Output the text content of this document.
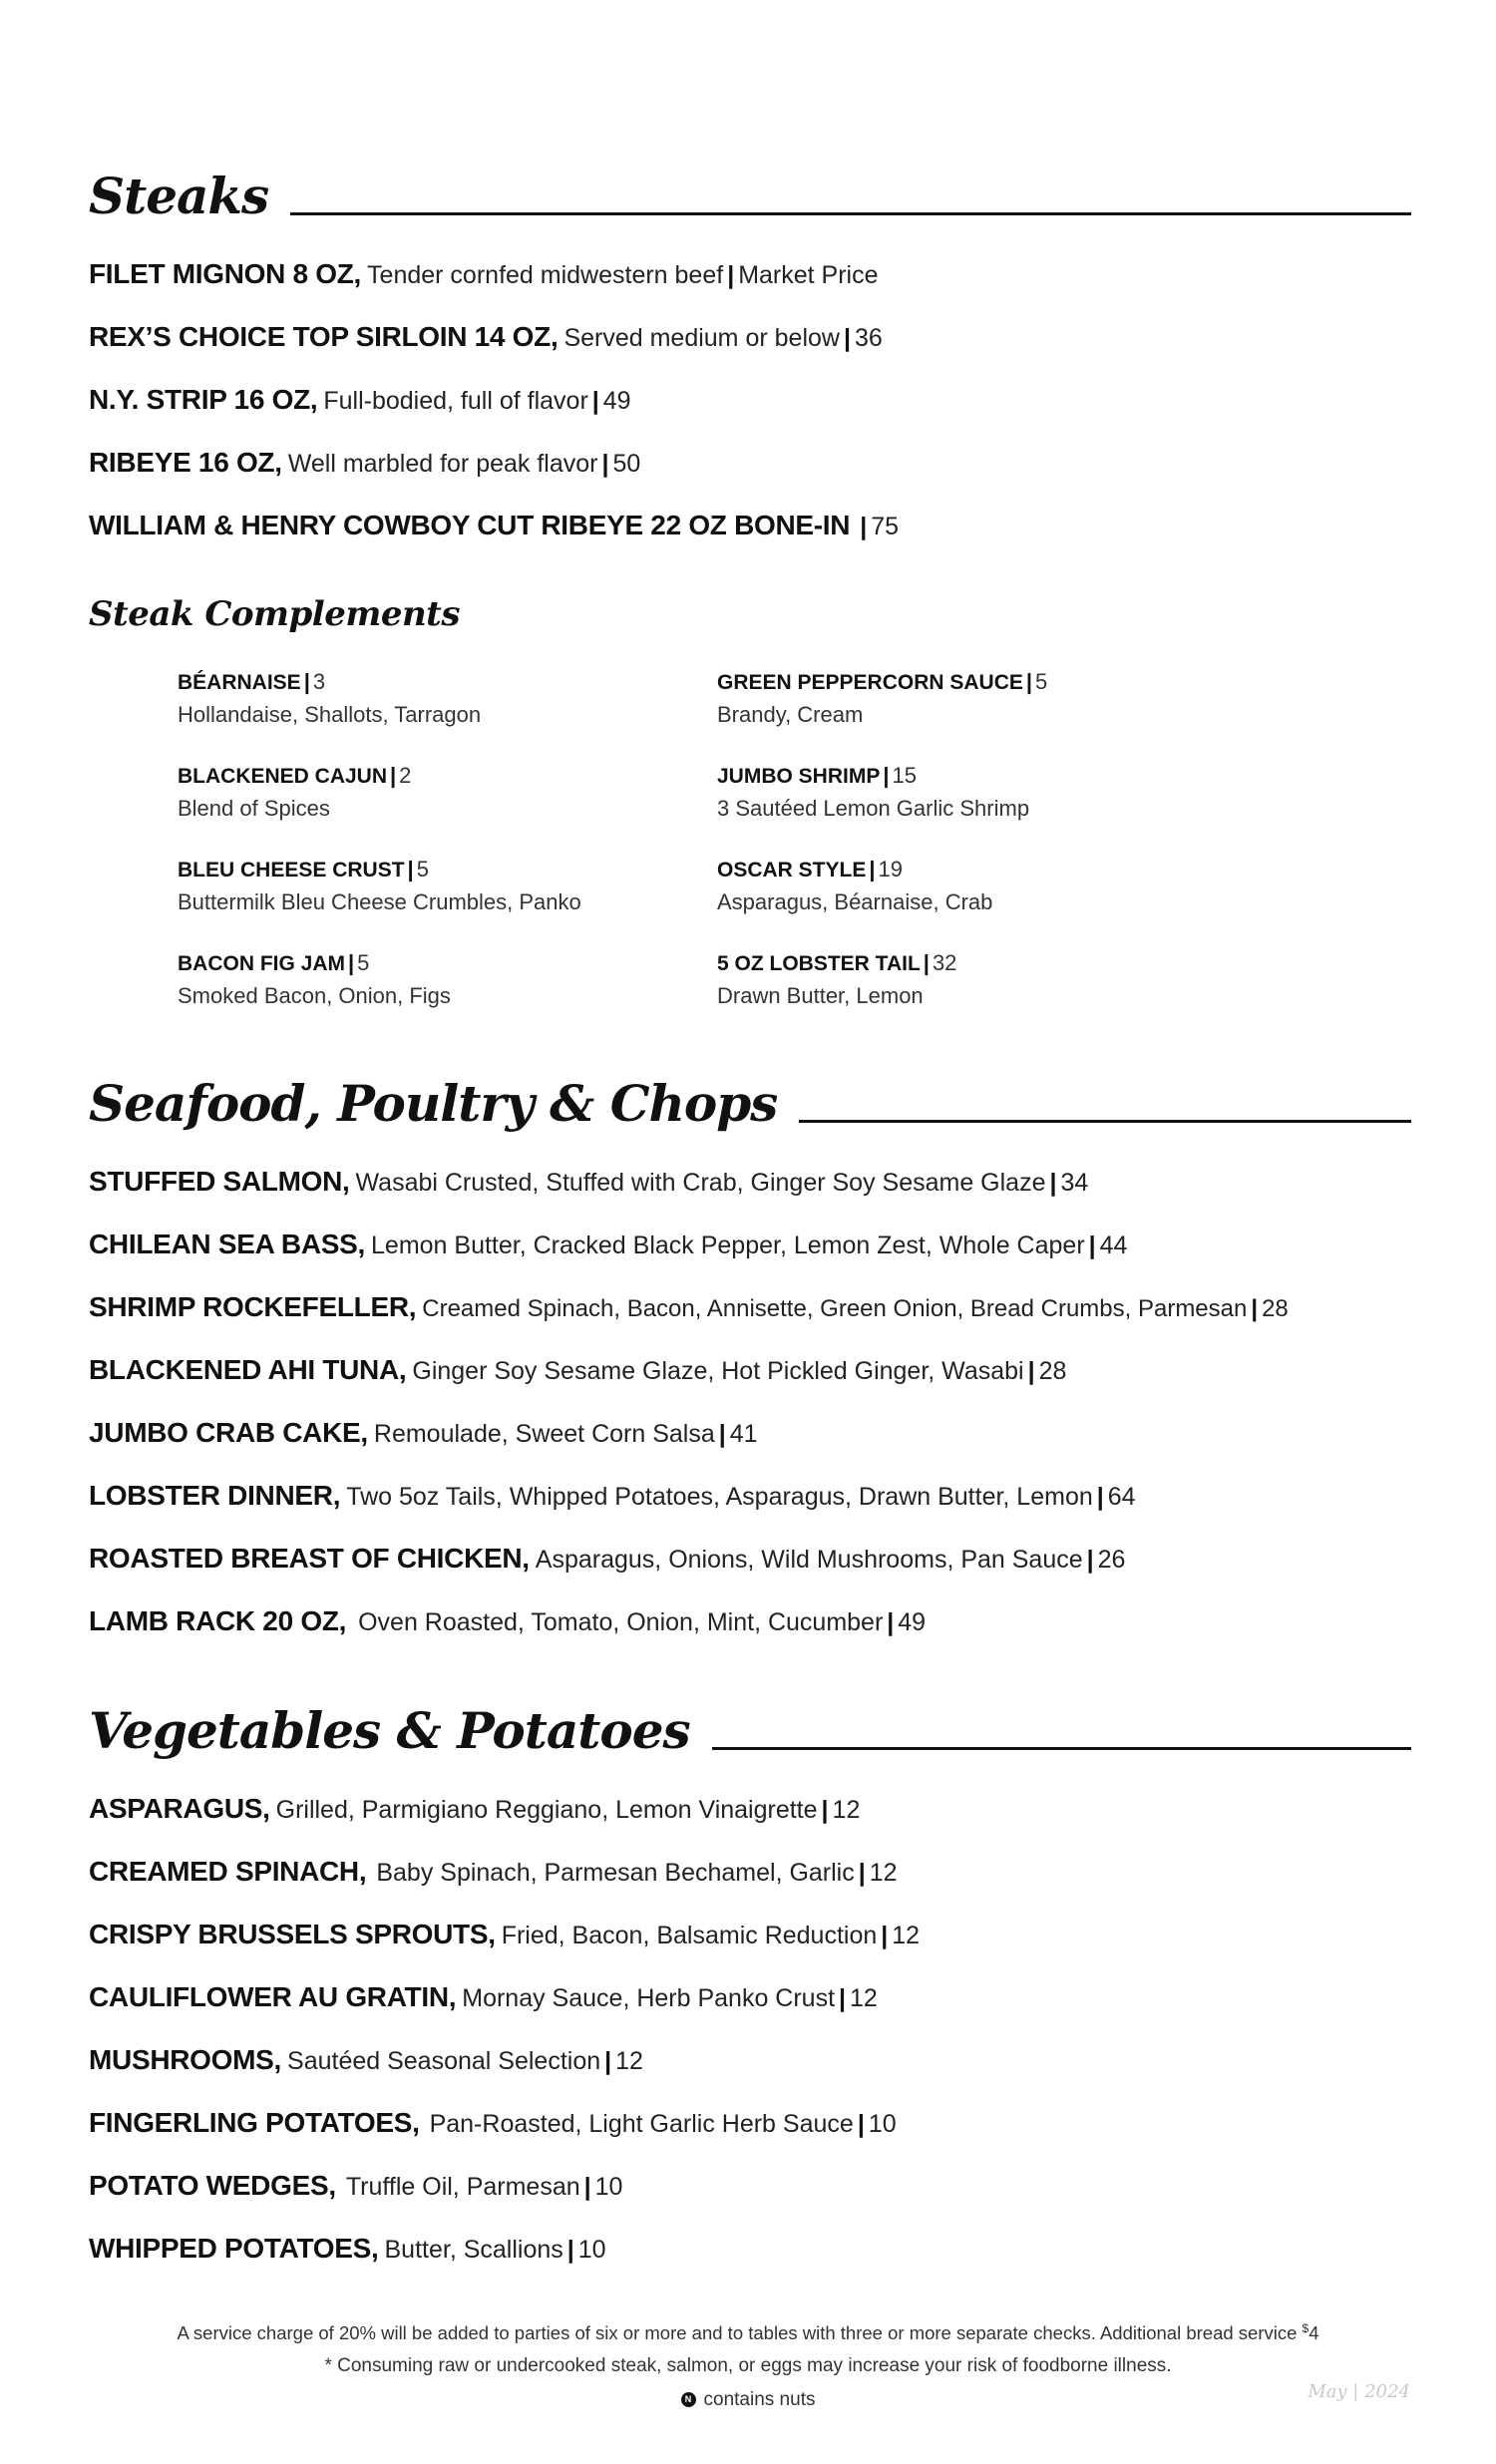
Steaks
FILET MIGNON 8 OZ, Tender cornfed midwestern beef | Market Price
REX’S CHOICE TOP SIRLOIN 14 OZ, Served medium or below | 36
N.Y. STRIP 16 OZ, Full-bodied, full of flavor | 49
RIBEYE 16 OZ, Well marbled for peak flavor | 50
WILLIAM & HENRY COWBOY CUT RIBEYE 22 OZ BONE-IN | 75
Steak Complements
BÉARNAISE | 3
Hollandaise, Shallots, Tarragon
GREEN PEPPERCORN SAUCE | 5
Brandy, Cream
BLACKENED CAJUN | 2
Blend of Spices
JUMBO SHRIMP | 15
3 Sautéed Lemon Garlic Shrimp
BLEU CHEESE CRUST | 5
Buttermilk Bleu Cheese Crumbles, Panko
OSCAR STYLE | 19
Asparagus, Béarnaise, Crab
BACON FIG JAM | 5
Smoked Bacon, Onion, Figs
5 OZ LOBSTER TAIL | 32
Drawn Butter, Lemon
Seafood, Poultry & Chops
STUFFED SALMON, Wasabi Crusted, Stuffed with Crab, Ginger Soy Sesame Glaze | 34
CHILEAN SEA BASS, Lemon Butter, Cracked Black Pepper, Lemon Zest, Whole Caper | 44
SHRIMP ROCKEFELLER, Creamed Spinach, Bacon, Annisette, Green Onion, Bread Crumbs, Parmesan | 28
BLACKENED AHI TUNA, Ginger Soy Sesame Glaze, Hot Pickled Ginger, Wasabi | 28
JUMBO CRAB CAKE, Remoulade, Sweet Corn Salsa | 41
LOBSTER DINNER, Two 5oz Tails, Whipped Potatoes, Asparagus, Drawn Butter, Lemon | 64
ROASTED BREAST OF CHICKEN, Asparagus, Onions, Wild Mushrooms, Pan Sauce | 26
LAMB RACK 20 OZ, Oven Roasted, Tomato, Onion, Mint, Cucumber | 49
Vegetables & Potatoes
ASPARAGUS, Grilled, Parmigiano Reggiano, Lemon Vinaigrette | 12
CREAMED SPINACH, Baby Spinach, Parmesan Bechamel, Garlic | 12
CRISPY BRUSSELS SPROUTS, Fried, Bacon, Balsamic Reduction | 12
CAULIFLOWER AU GRATIN, Mornay Sauce, Herb Panko Crust | 12
MUSHROOMS, Sautéed Seasonal Selection | 12
FINGERLING POTATOES, Pan-Roasted, Light Garlic Herb Sauce | 10
POTATO WEDGES, Truffle Oil, Parmesan | 10
WHIPPED POTATOES, Butter, Scallions | 10
A service charge of 20% will be added to parties of six or more and to tables with three or more separate checks. Additional bread service $4
* Consuming raw or undercooked steak, salmon, or eggs may increase your risk of foodborne illness.
N contains nuts	May | 2024
